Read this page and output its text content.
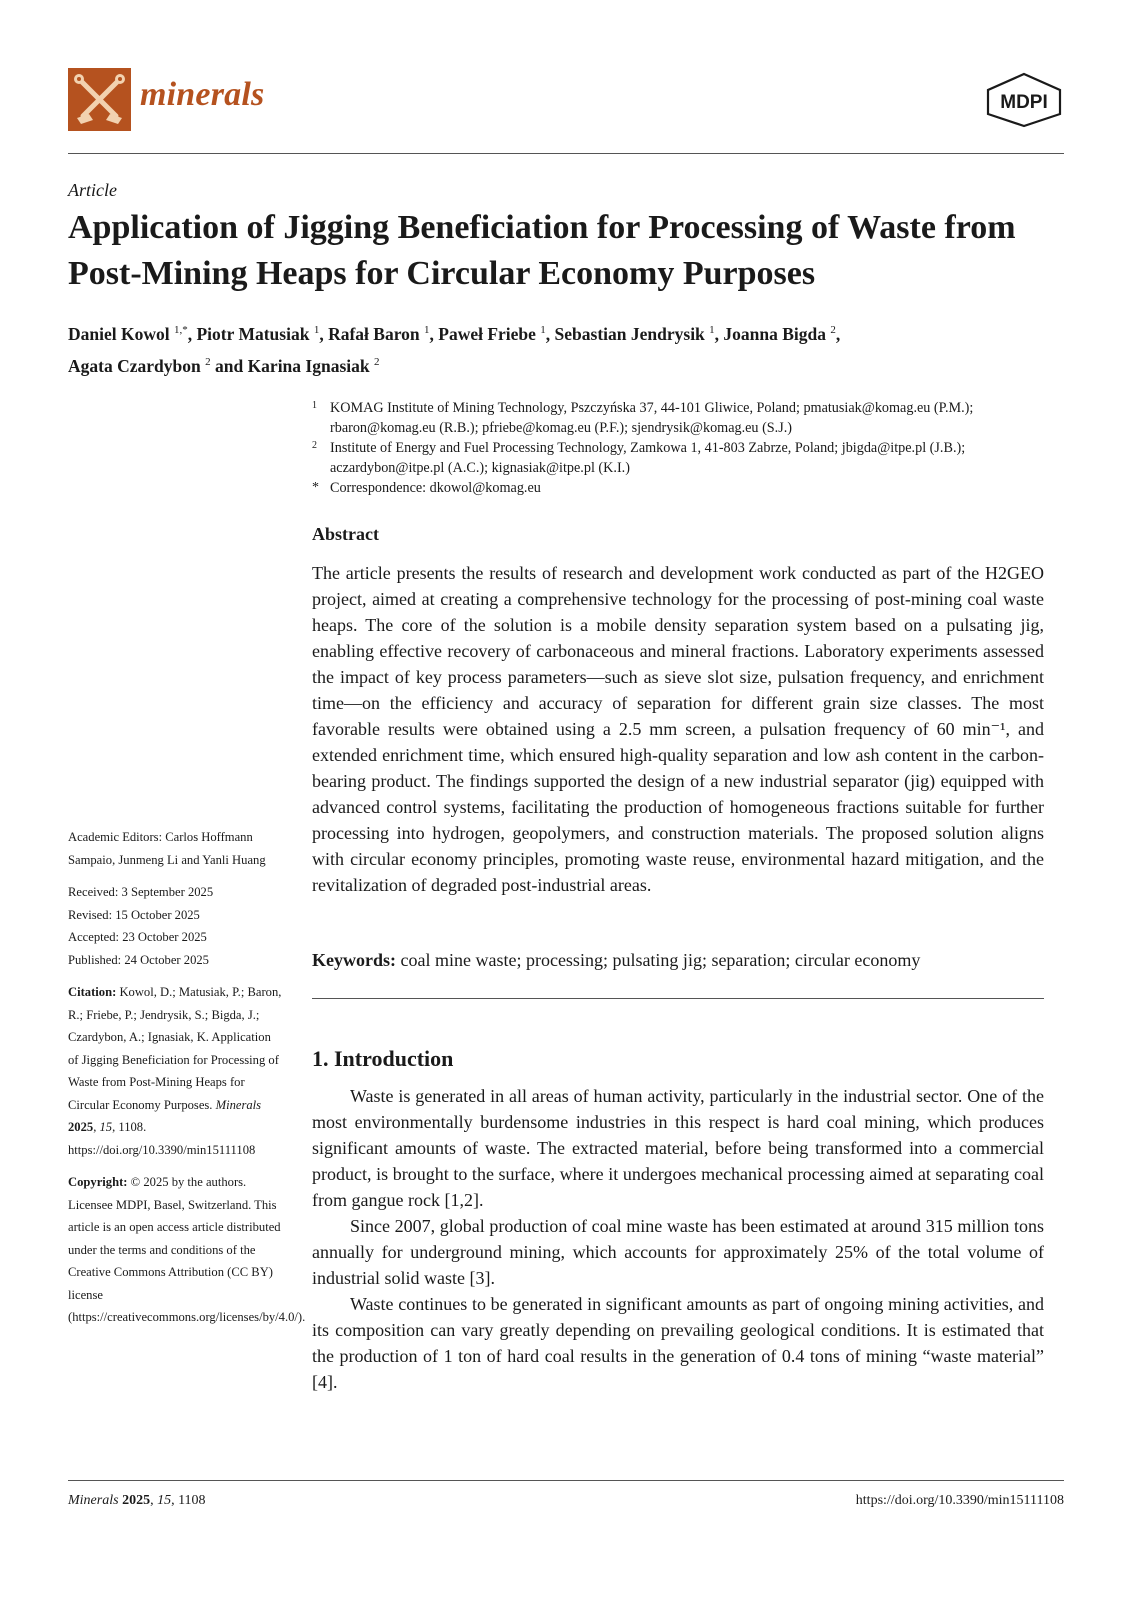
minerals	MDPI
Article
Application of Jigging Beneficiation for Processing of Waste from Post-Mining Heaps for Circular Economy Purposes
Daniel Kowol $^{1,*}$, Piotr Matusiak $^1$, Rafał Baron $^1$, Paweł Friebe $^1$, Sebastian Jendrysik $^1$, Joanna Bigda $^2$,
Agata Czardybon $^2$ and Karina Ignasiak $^2$
1 KOMAG Institute of Mining Technology, Pszczyńska 37, 44-101 Gliwice, Poland; pmatusiak@komag.eu (P.M.); rbaron@komag.eu (R.B.); pfriebe@komag.eu (P.F.); sjendrysik@komag.eu (S.J.)
2 Institute of Energy and Fuel Processing Technology, Zamkowa 1, 41-803 Zabrze, Poland; jbigda@itpe.pl (J.B.); aczardybon@itpe.pl (A.C.); kignasiak@itpe.pl (K.I.)
* Correspondence: dkowol@komag.eu
Abstract
The article presents the results of research and development work conducted as part of the H2GEO project, aimed at creating a comprehensive technology for the processing of post-mining coal waste heaps. The core of the solution is a mobile density separation system based on a pulsating jig, enabling effective recovery of carbonaceous and mineral fractions. Laboratory experiments assessed the impact of key process parameters—such as sieve slot size, pulsation frequency, and enrichment time—on the efficiency and accuracy of separation for different grain size classes. The most favorable results were obtained using a 2.5 mm screen, a pulsation frequency of 60 min⁻¹, and extended enrichment time, which ensured high-quality separation and low ash content in the carbon-bearing product. The findings supported the design of a new industrial separator (jig) equipped with advanced control systems, facilitating the production of homogeneous fractions suitable for further processing into hydrogen, geopolymers, and construction materials. The proposed solution aligns with circular economy principles, promoting waste reuse, environmental hazard mitigation, and the revitalization of degraded post-industrial areas.
Keywords: coal mine waste; processing; pulsating jig; separation; circular economy
1. Introduction

Waste is generated in all areas of human activity, particularly in the industrial sector. One of the most environmentally burdensome industries in this respect is hard coal mining, which produces significant amounts of waste. The extracted material, before being transformed into a commercial product, is brought to the surface, where it undergoes mechanical processing aimed at separating coal from gangue rock [1,2].

Since 2007, global production of coal mine waste has been estimated at around 315 million tons annually for underground mining, which accounts for approximately 25% of the total volume of industrial solid waste [3].

Waste continues to be generated in significant amounts as part of ongoing mining activities, and its composition can vary greatly depending on prevailing geological conditions. It is estimated that the production of 1 ton of hard coal results in the generation of 0.4 tons of mining “waste material” [4].

Academic Editors: Carlos Hoffmann Sampaio, Junmeng Li and Yanli Huang
Received: 3 September 2025
Revised: 15 October 2025
Accepted: 23 October 2025
Published: 24 October 2025
Citation: Kowol, D.; Matusiak, P.; Baron, R.; Friebe, P.; Jendrysik, S.; Bigda, J.; Czardybon, A.; Ignasiak, K. Application of Jigging Beneficiation for Processing of Waste from Post-Mining Heaps for Circular Economy Purposes. Minerals 2025, 15, 1108. https://doi.org/10.3390/min15111108
Copyright: © 2025 by the authors. Licensee MDPI, Basel, Switzerland. This article is an open access article distributed under the terms and conditions of the Creative Commons Attribution (CC BY) license (https://creativecommons.org/licenses/by/4.0/).
Minerals 2025, 15, 1108	https://doi.org/10.3390/min15111108
